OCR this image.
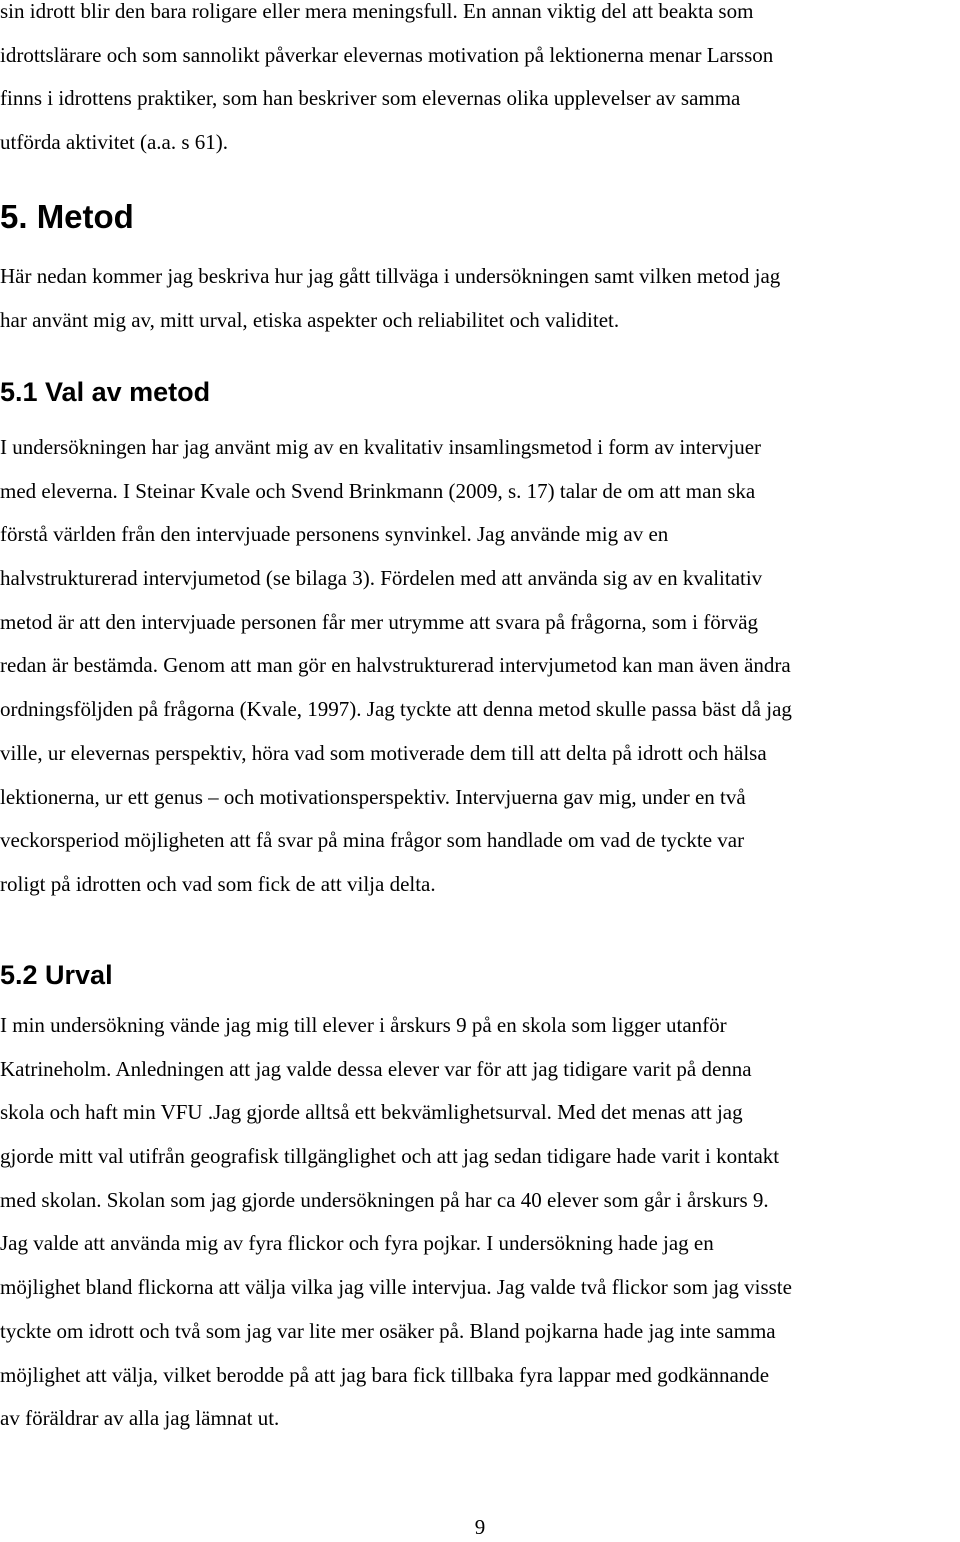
sin idrott blir den bara roligare eller mera meningsfull. En annan viktig del att beakta som

idrottslärare och som sannolikt påverkar elevernas motivation på lektionerna menar Larsson

finns i idrottens praktiker, som han beskriver som elevernas olika upplevelser av samma

utförda aktivitet (a.a. s 61).

5. Metod

Här nedan kommer jag beskriva hur jag gått tillväga i undersökningen samt vilken metod jag

har använt mig av, mitt urval, etiska aspekter och reliabilitet och validitet.

5.1 Val av metod

I undersökningen har jag använt mig av en kvalitativ insamlingsmetod i form av intervjuer

med eleverna. I Steinar Kvale och Svend Brinkmann (2009, s. 17) talar de om att man ska

förstå världen från den intervjuade personens synvinkel. Jag använde mig av en

halvstrukturerad intervjumetod (se bilaga 3). Fördelen med att använda sig av en kvalitativ

metod är att den intervjuade personen får mer utrymme att svara på frågorna, som i förväg

redan är bestämda. Genom att man gör en halvstrukturerad intervjumetod kan man även ändra

ordningsföljden på frågorna (Kvale, 1997). Jag tyckte att denna metod skulle passa bäst då jag

ville, ur elevernas perspektiv, höra vad som motiverade dem till att delta på idrott och hälsa

lektionerna, ur ett genus – och motivationsperspektiv. Intervjuerna gav mig, under en två

veckorsperiod möjligheten att få svar på mina frågor som handlade om vad de tyckte var

roligt på idrotten och vad som fick de att vilja delta.

5.2 Urval

I min undersökning vände jag mig till elever i årskurs 9 på en skola som ligger utanför

Katrineholm. Anledningen att jag valde dessa elever var för att jag tidigare varit på denna

skola och haft min VFU .Jag gjorde alltså ett bekvämlighetsurval. Med det menas att jag

gjorde mitt val utifrån geografisk tillgänglighet och att jag sedan tidigare hade varit i kontakt

med skolan. Skolan som jag gjorde undersökningen på har ca 40 elever som går i årskurs 9.

Jag valde att använda mig av fyra flickor och fyra pojkar. I undersökning hade jag en

möjlighet bland flickorna att välja vilka jag ville intervjua. Jag valde två flickor som jag visste

tyckte om idrott och två som jag var lite mer osäker på. Bland pojkarna hade jag inte samma

möjlighet att välja, vilket berodde på att jag bara fick tillbaka fyra lappar med godkännande

av föräldrar av alla jag lämnat ut.

9
